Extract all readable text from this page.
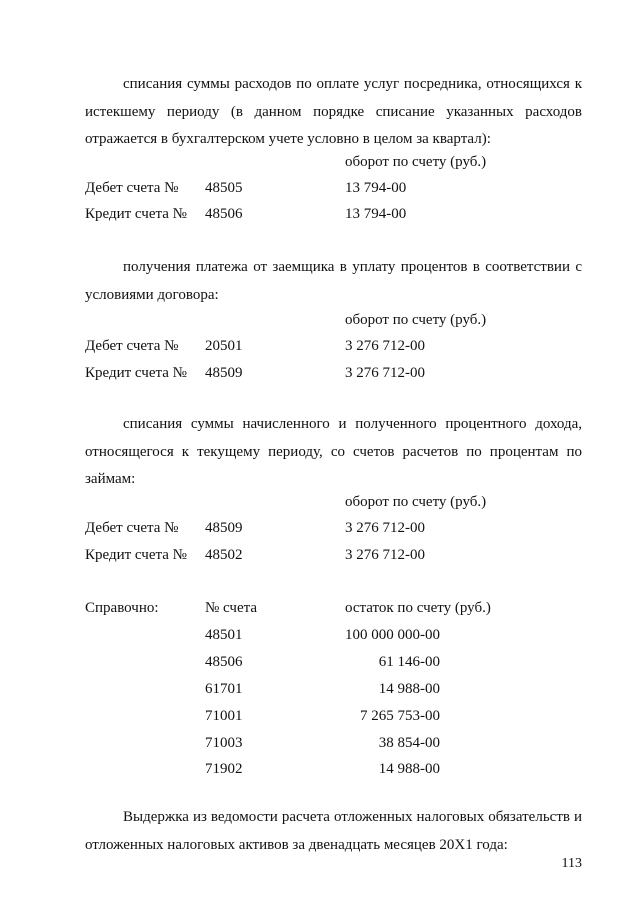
списания суммы расходов по оплате услуг посредника, относящихся к истекшему периоду (в данном порядке списание указанных расходов отражается в бухгалтерском учете условно в целом за квартал):

оборот по счету (руб.)
Дебет счета № 48505	13 794-00
Кредит счета № 48506	13 794-00

получения платежа от заемщика в уплату процентов в соответствии с условиями договора:

оборот по счету (руб.)
Дебет счета № 20501	3 276 712-00
Кредит счета № 48509	3 276 712-00

списания суммы начисленного и полученного процентного дохода, относящегося к текущему периоду, со счетов расчетов по процентам по займам:

оборот по счету (руб.)
Дебет счета № 48509	3 276 712-00
Кредит счета № 48502	3 276 712-00
Справочно:	№ счета	остаток по счету (руб.)
48501	100 000 000-00
48506	61 146-00
61701	14 988-00
71001	7 265 753-00
71003	38 854-00
71902	14 988-00

Выдержка из ведомости расчета отложенных налоговых обязательств и отложенных налоговых активов за двенадцать месяцев 20Х1 года:

113
